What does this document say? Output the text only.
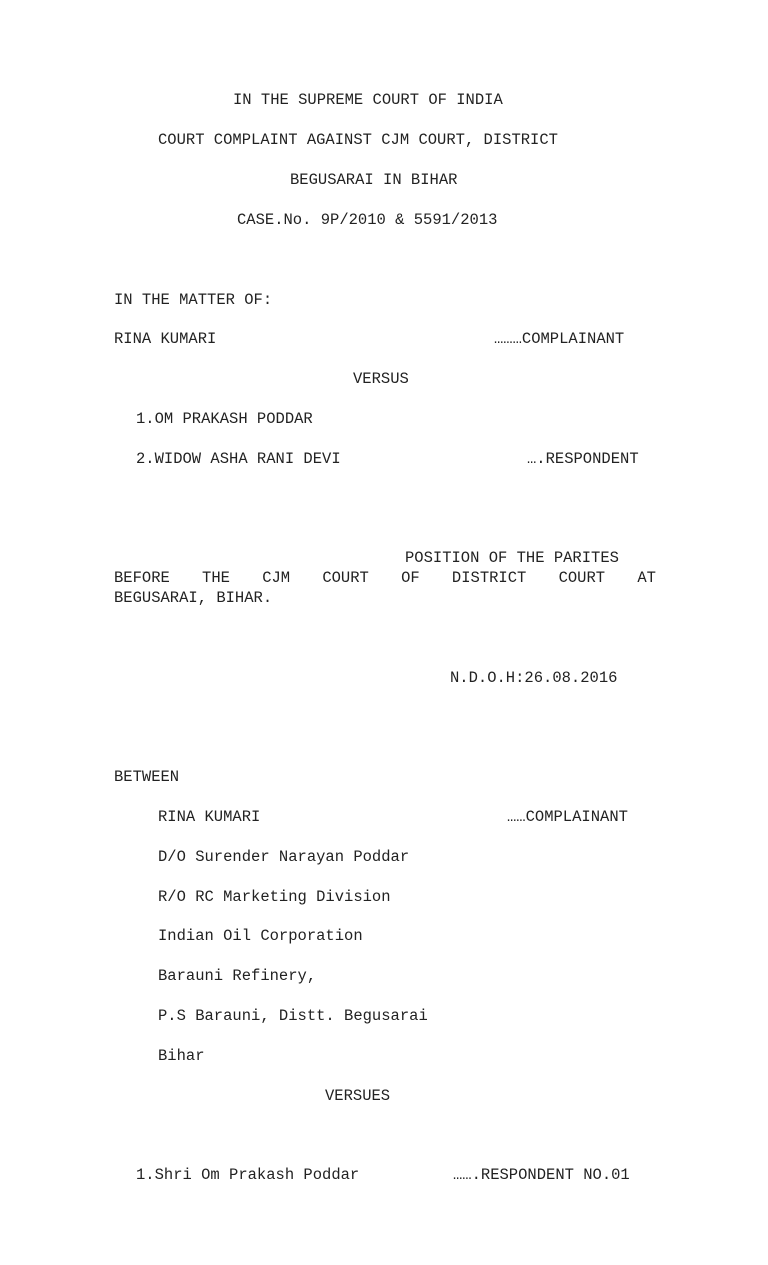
IN THE SUPREME COURT OF INDIA
COURT COMPLAINT AGAINST CJM COURT, DISTRICT
BEGUSARAI IN BIHAR
CASE.No. 9P/2010 & 5591/2013
IN THE MATTER OF:
RINA KUMARI	………COMPLAINANT
VERSUS
1.OM PRAKASH PODDAR
2.WIDOW ASHA RANI DEVI	….RESPONDENT
POSITION OF THE PARITES
BEFORE THE CJM COURT OF DISTRICT COURT AT
BEGUSARAI, BIHAR.
N.D.O.H:26.08.2016
BETWEEN
RINA KUMARI	……COMPLAINANT
D/O Surender Narayan Poddar
R/O RC Marketing Division
Indian Oil Corporation
Barauni Refinery,
P.S Barauni, Distt. Begusarai
Bihar
VERSUES
1.Shri Om Prakash Poddar	…….RESPONDENT NO.01
